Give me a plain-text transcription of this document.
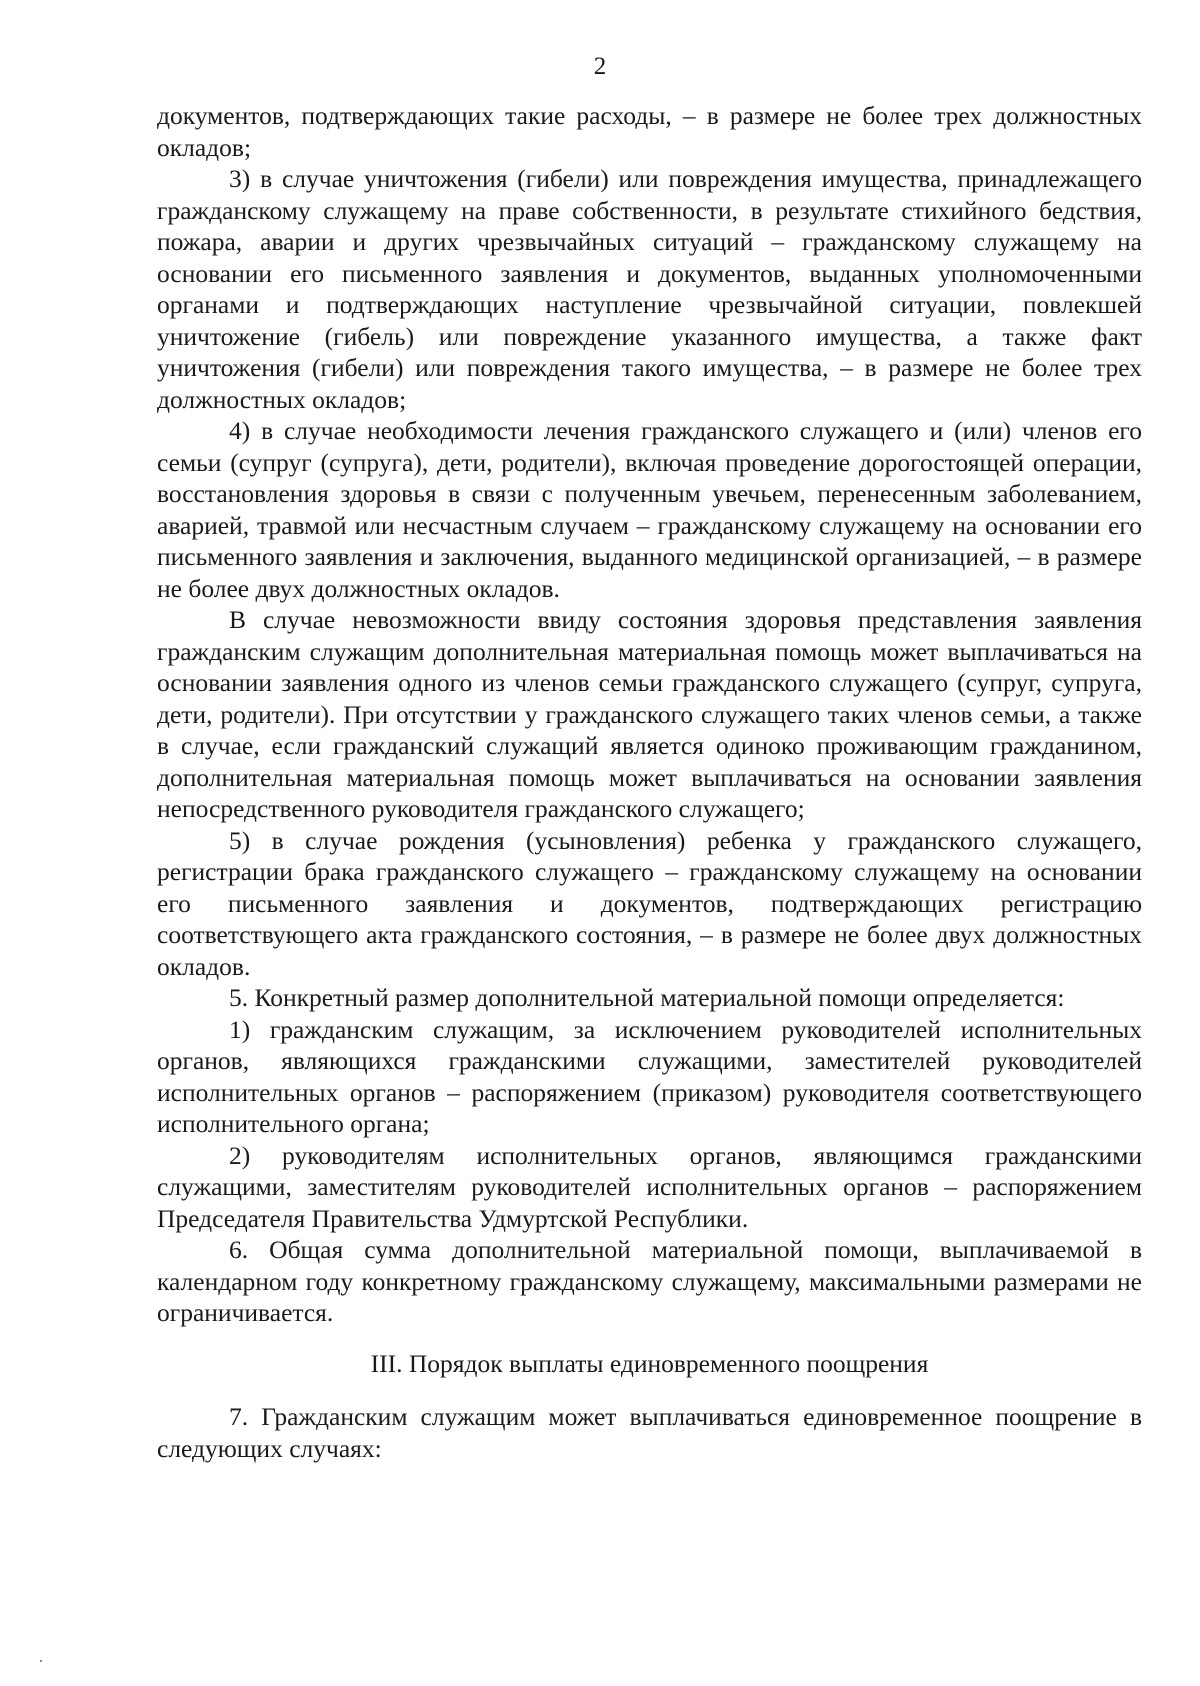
2

документов, подтверждающих такие расходы, – в размере не более трех должностных окладов;

3) в случае уничтожения (гибели) или повреждения имущества, принадлежащего гражданскому служащему на праве собственности, в результате стихийного бедствия, пожара, аварии и других чрезвычайных ситуаций – гражданскому служащему на основании его письменного заявления и документов, выданных уполномоченными органами и подтверждающих наступление чрезвычайной ситуации, повлекшей уничтожение (гибель) или повреждение указанного имущества, а также факт уничтожения (гибели) или повреждения такого имущества, – в размере не более трех должностных окладов;

4) в случае необходимости лечения гражданского служащего и (или) членов его семьи (супруг (супруга), дети, родители), включая проведение дорогостоящей операции, восстановления здоровья в связи с полученным увечьем, перенесенным заболеванием, аварией, травмой или несчастным случаем – гражданскому служащему на основании его письменного заявления и заключения, выданного медицинской организацией, – в размере не более двух должностных окладов.

В случае невозможности ввиду состояния здоровья представления заявления гражданским служащим дополнительная материальная помощь может выплачиваться на основании заявления одного из членов семьи гражданского служащего (супруг, супруга, дети, родители). При отсутствии у гражданского служащего таких членов семьи, а также в случае, если гражданский служащий является одиноко проживающим гражданином, дополнительная материальная помощь может выплачиваться на основании заявления непосредственного руководителя гражданского служащего;

5) в случае рождения (усыновления) ребенка у гражданского служащего, регистрации брака гражданского служащего – гражданскому служащему на основании его письменного заявления и документов, подтверждающих регистрацию соответствующего акта гражданского состояния, – в размере не более двух должностных окладов.

5. Конкретный размер дополнительной материальной помощи определяется:

1) гражданским служащим, за исключением руководителей исполнительных органов, являющихся гражданскими служащими, заместителей руководителей исполнительных органов – распоряжением (приказом) руководителя соответствующего исполнительного органа;

2) руководителям исполнительных органов, являющимся гражданскими служащими, заместителям руководителей исполнительных органов – распоряжением Председателя Правительства Удмуртской Республики.

6. Общая сумма дополнительной материальной помощи, выплачиваемой в календарном году конкретному гражданскому служащему, максимальными размерами не ограничивается.

III. Порядок выплаты единовременного поощрения

7. Гражданским служащим может выплачиваться единовременное поощрение в следующих случаях:
